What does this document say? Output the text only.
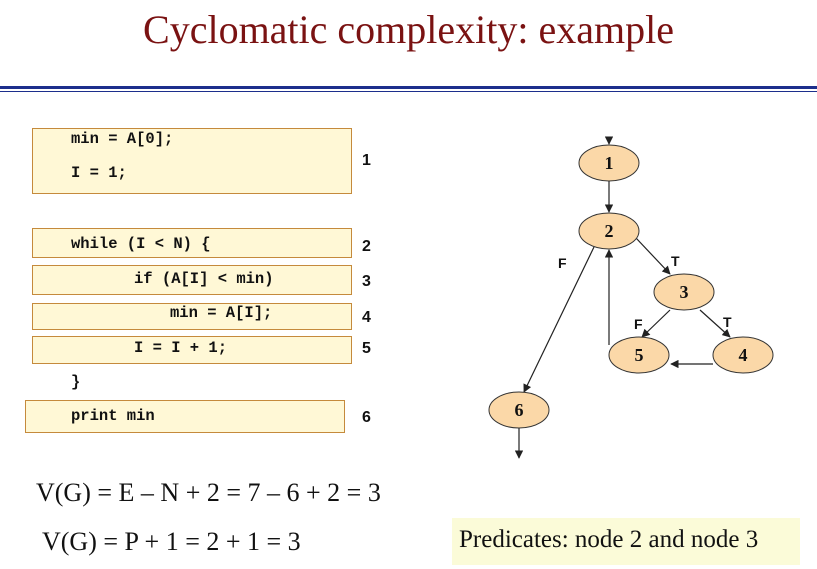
Cyclomatic complexity: example
min = A[0];
I = 1;
while (I < N) {
if (A[I] < min)
min = A[I];
I = I + 1;
}
print min
1
2
3
4
5
6
1
2
3
4
5
6
T
F
T
F
V(G) = E – N + 2 = 7 – 6 + 2 = 3
V(G) = P + 1 = 2 + 1 = 3	Predicates: node 2 and node 3
